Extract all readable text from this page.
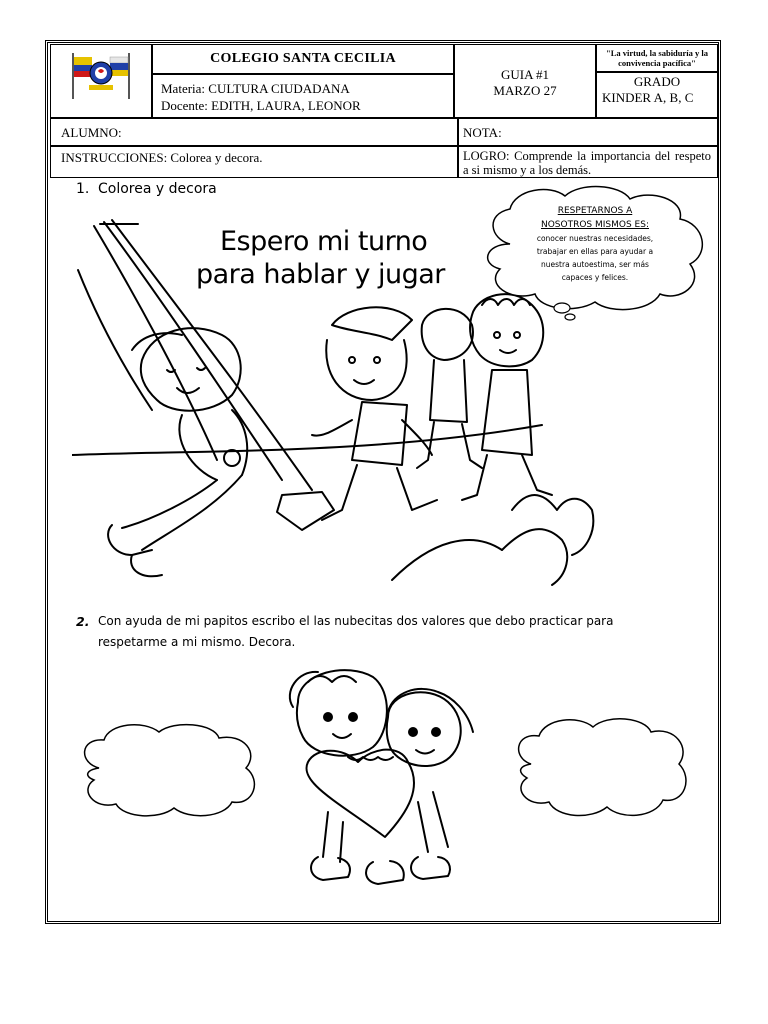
COLEGIO SANTA CECILIA
Materia: CULTURA CIUDADANA
Docente: EDITH, LAURA, LEONOR
GUIA #1
MARZO 27
"La virtud, la sabiduría y la convivencia pacífica"
GRADO
KINDER A, B, C
ALUMNO:	NOTA:
INSTRUCCIONES: Colorea y decora.	LOGRO: Comprende la importancia del respeto a si mismo y a los demás.
1. Colorea y decora
Espero mi turno
para hablar y jugar
RESPETARNOS A
NOSOTROS MISMOS ES:
conocer nuestras necesidades,
trabajar en ellas para ayudar a
nuestra autoestima, ser más
capaces y felices.
2. Con ayuda de mi papitos escribo el las nubecitas dos valores que debo practicar para
respetarme a mi mismo. Decora.
